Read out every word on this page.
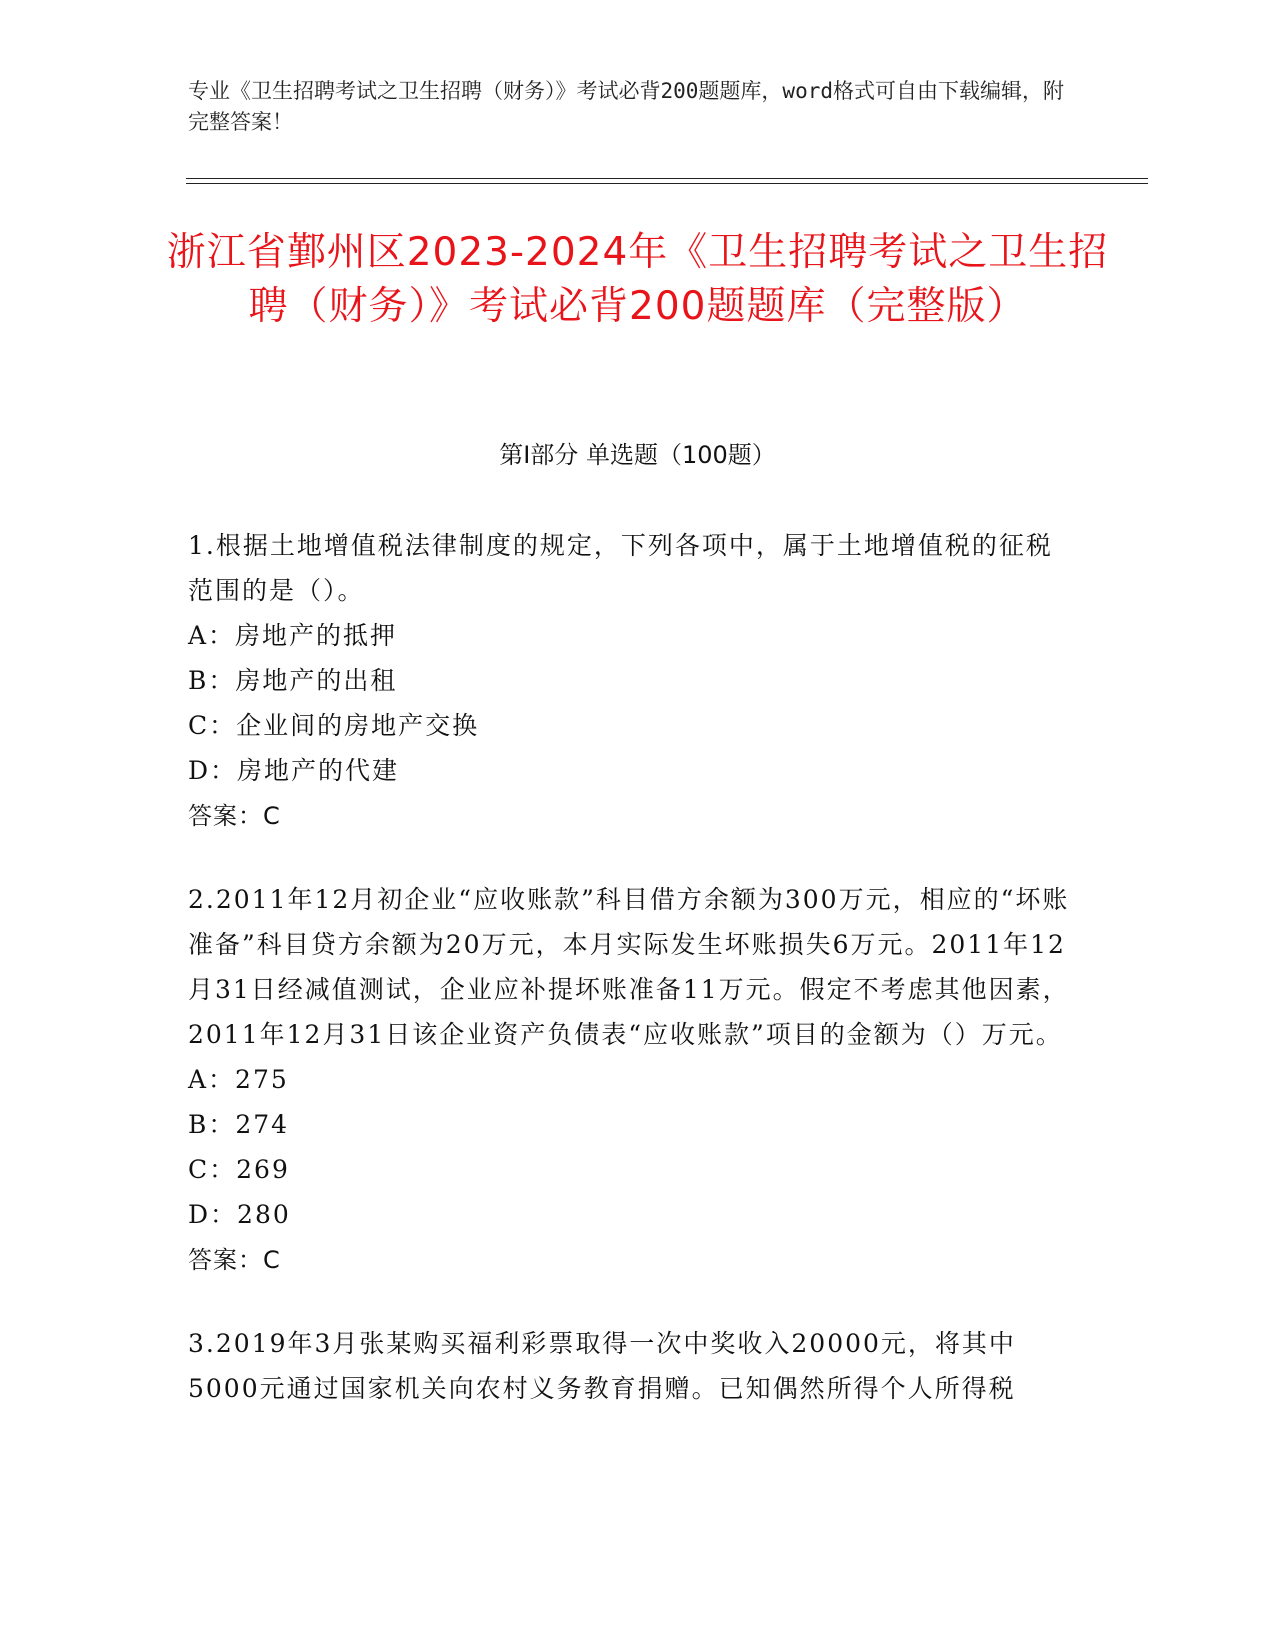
专业《卫生招聘考试之卫生招聘（财务）》考试必背200题题库，word格式可自由下载编辑，附完整答案！
浙江省鄞州区2023-2024年《卫生招聘考试之卫生招聘（财务）》考试必背200题题库（完整版）
第Ⅰ部分 单选题（100题）
1.根据土地增值税法律制度的规定，下列各项中，属于土地增值税的征税范围的是（）。
A：房地产的抵押
B：房地产的出租
C：企业间的房地产交换
D：房地产的代建
答案：C
2.2011年12月初企业“应收账款”科目借方余额为300万元，相应的“坏账准备”科目贷方余额为20万元，本月实际发生坏账损失6万元。2011年12月31日经减值测试，企业应补提坏账准备11万元。假定不考虑其他因素，2011年12月31日该企业资产负债表“应收账款”项目的金额为（）万元。
A：275
B：274
C：269
D：280
答案：C
3.2019年3月张某购买福利彩票取得一次中奖收入20000元，将其中5000元通过国家机关向农村义务教育捐赠。已知偶然所得个人所得税
